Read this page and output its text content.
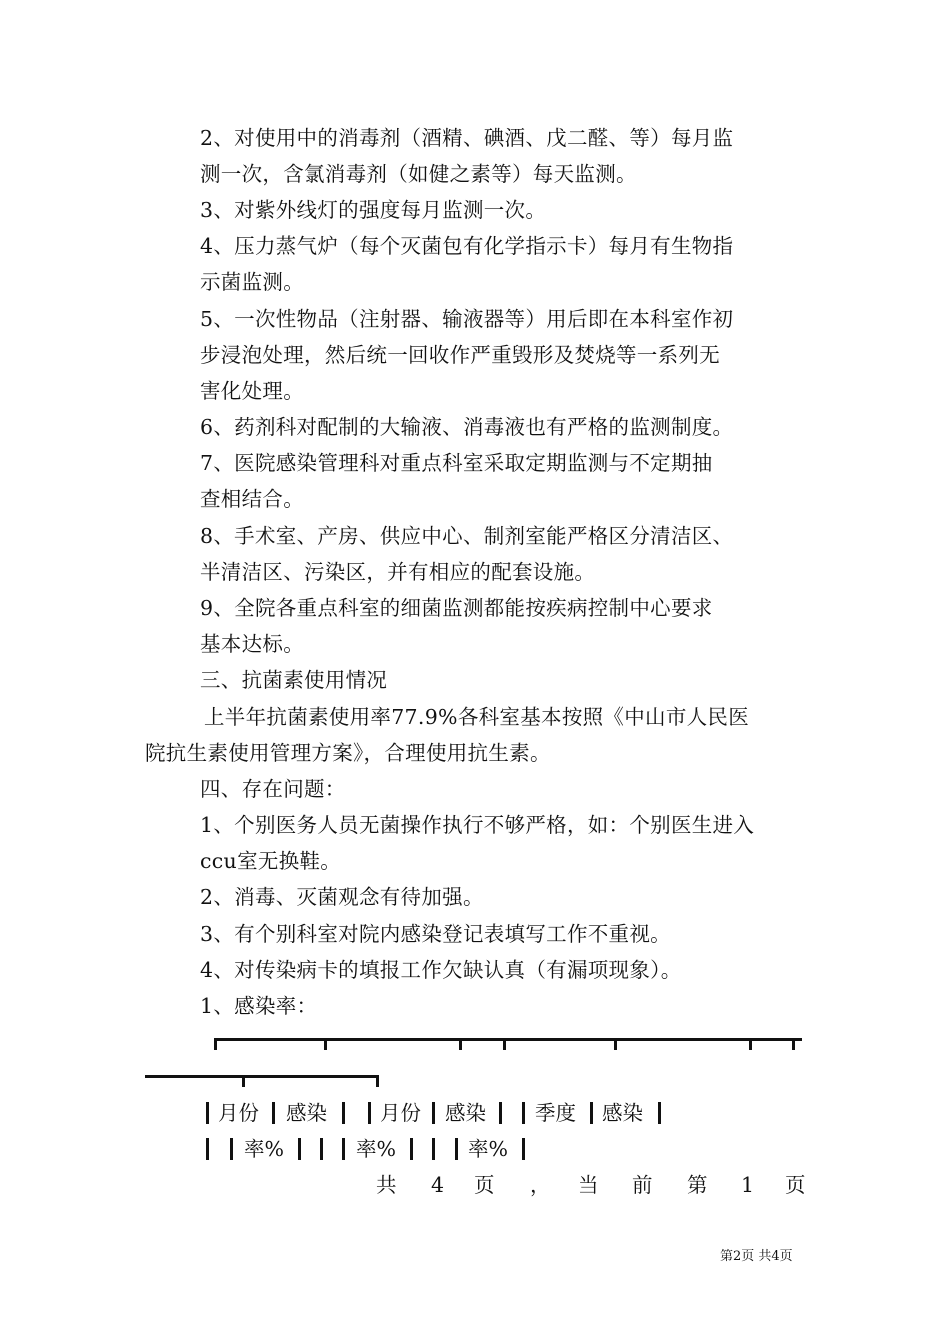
2、对使用中的消毒剂（酒精、碘酒、戊二醛、等）每月监
测一次，含氯消毒剂（如健之素等）每天监测。
3、对紫外线灯的强度每月监测一次。
4、压力蒸气炉（每个灭菌包有化学指示卡）每月有生物指
示菌监测。
5、一次性物品（注射器、输液器等）用后即在本科室作初
步浸泡处理，然后统一回收作严重毁形及焚烧等一系列无
害化处理。
6、药剂科对配制的大输液、消毒液也有严格的监测制度。
7、医院感染管理科对重点科室采取定期监测与不定期抽
查相结合。
8、手术室、产房、供应中心、制剂室能严格区分清洁区、
半清洁区、污染区，并有相应的配套设施。
9、全院各重点科室的细菌监测都能按疾病控制中心要求
基本达标。
三、抗菌素使用情况
上半年抗菌素使用率77.9%各科室基本按照《中山市人民医
院抗生素使用管理方案》，合理使用抗生素。
四、存在问题：
1、个别医务人员无菌操作执行不够严格，如：个别医生进入
ccu室无换鞋。
2、消毒、灭菌观念有待加强。
3、有个别科室对院内感染登记表填写工作不重视。
4、对传染病卡的填报工作欠缺认真（有漏项现象）。
1、感染率：
月份 感染	月份 感染 季度 感染
率%	率%	率%
共 4 页 ， 当 前 第 1 页
第2页 共4页
